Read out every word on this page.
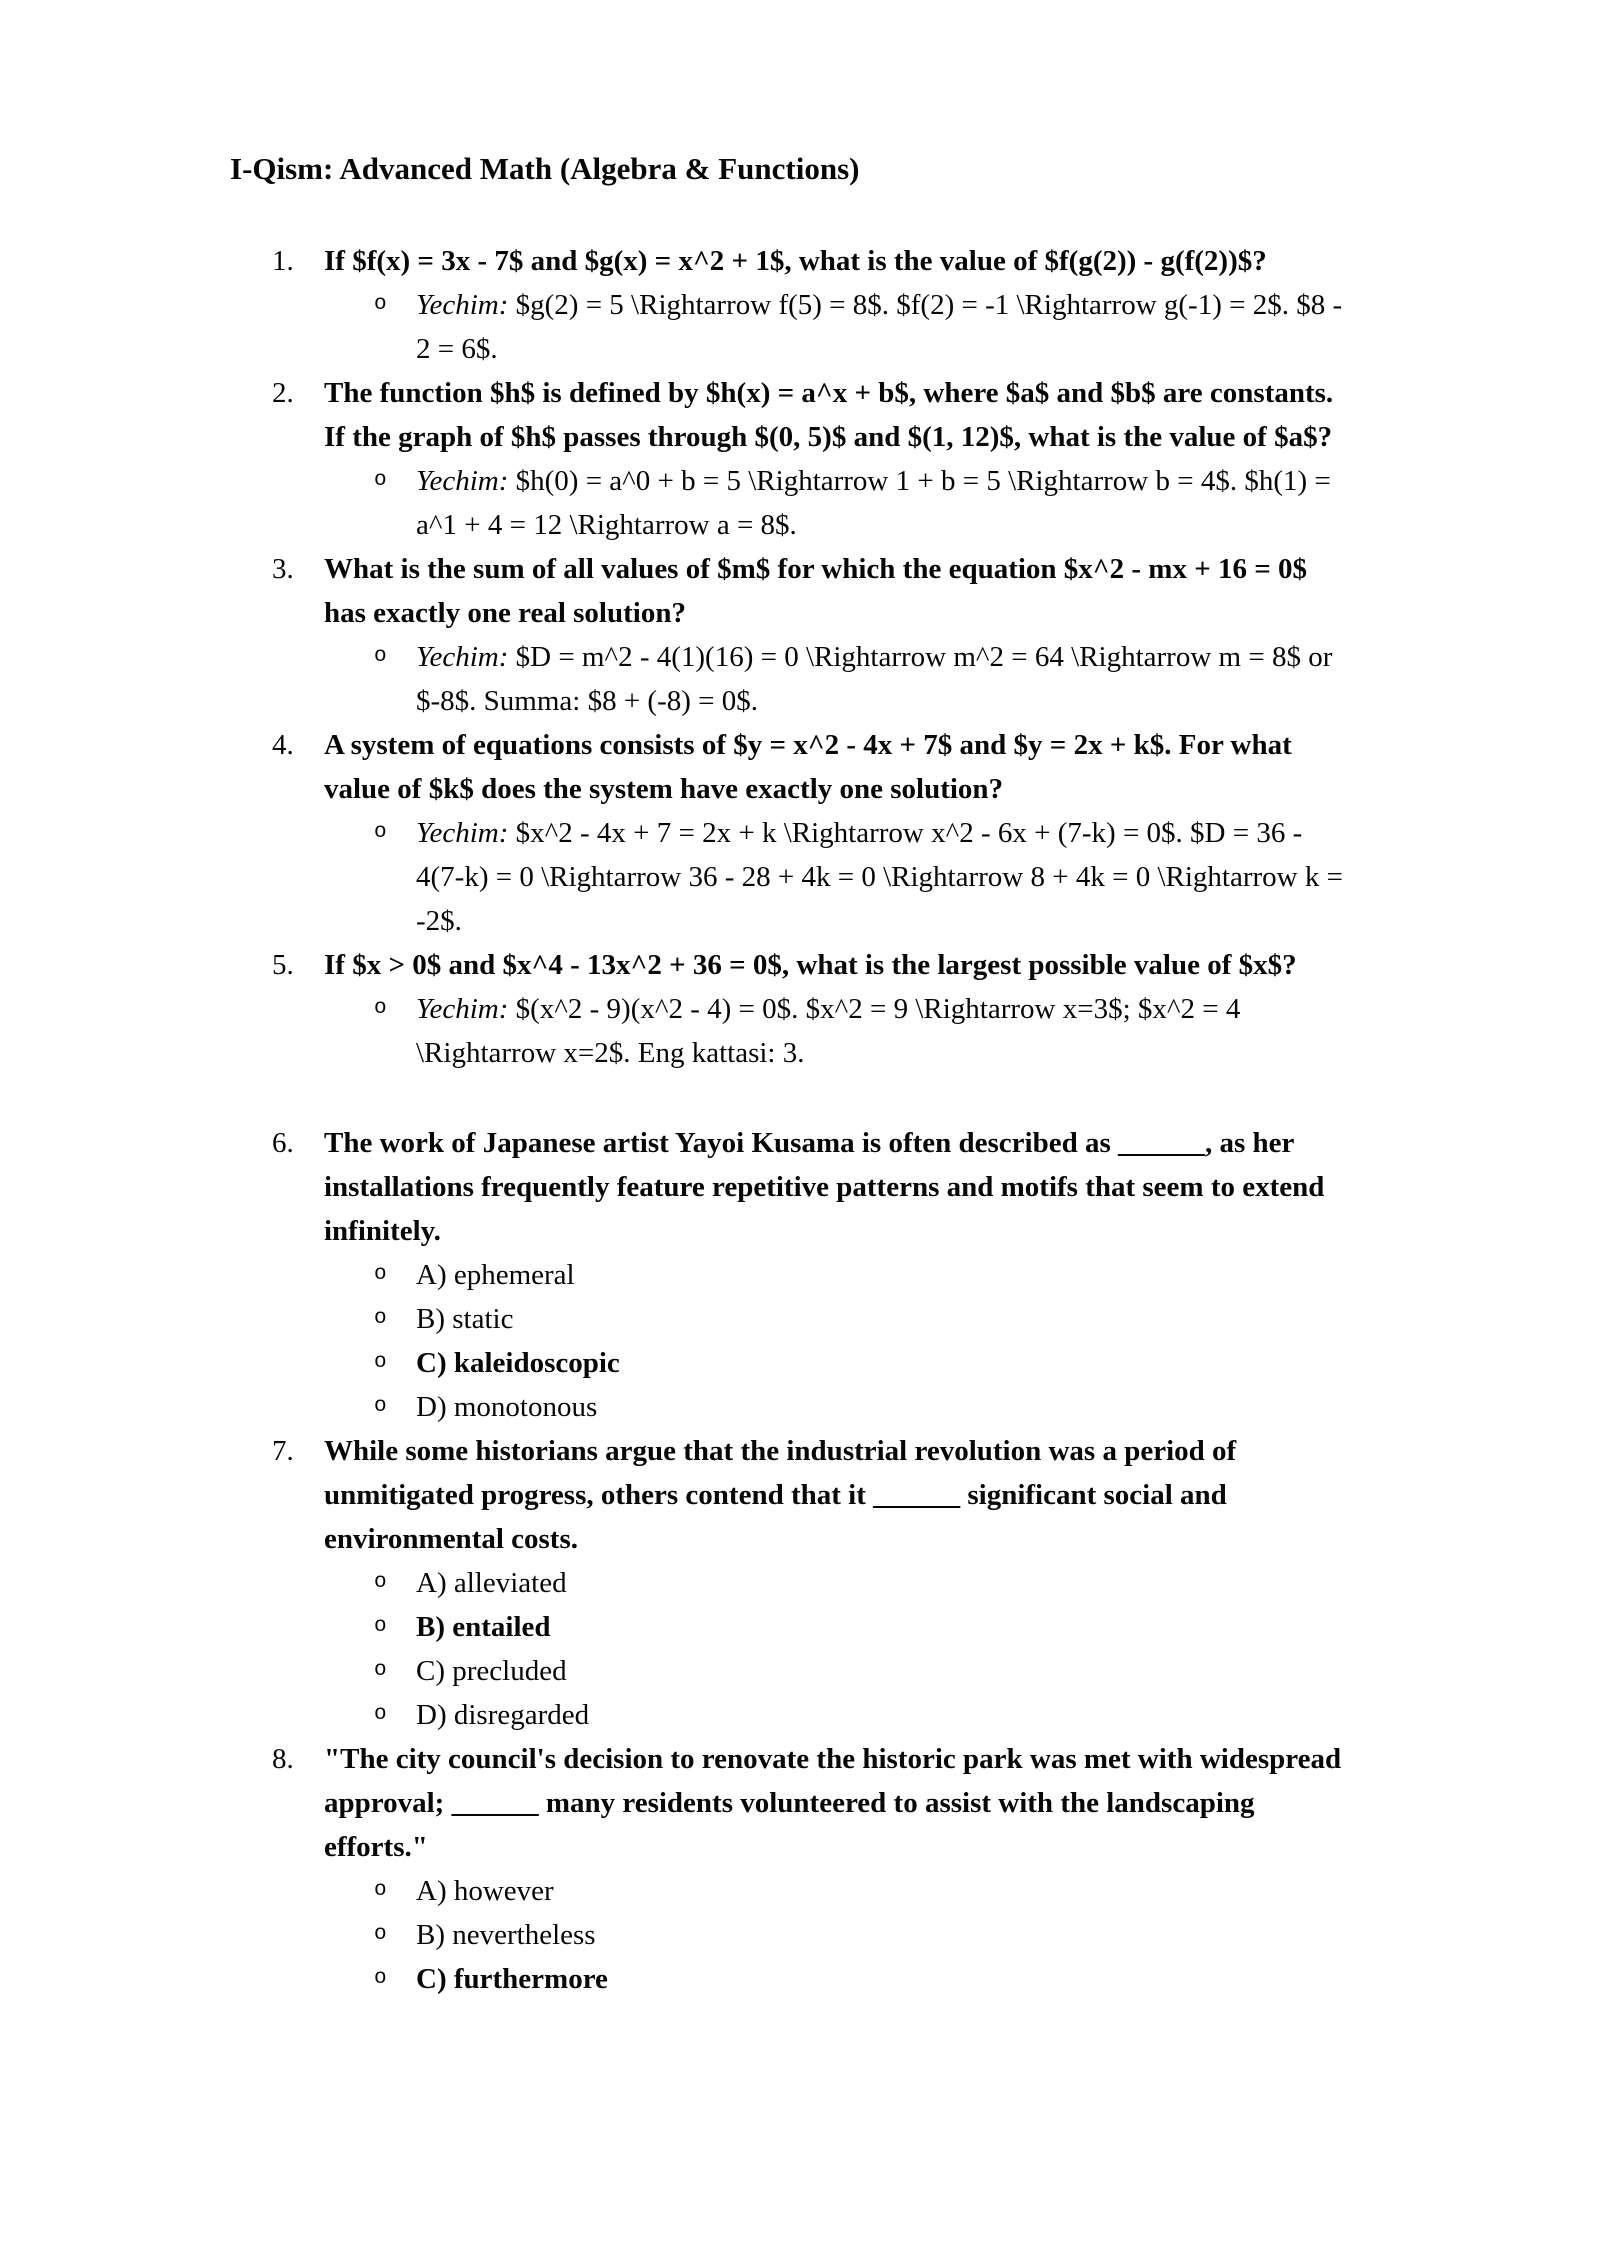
I-Qism: Advanced Math (Algebra & Functions)
1.	If $f(x) = 3x - 7$ and $g(x) = x^2 + 1$, what is the value of $f(g(2)) - g(f(2))$?
o	Yechim: $g(2) = 5 \Rightarrow f(5) = 8$. $f(2) = -1 \Rightarrow g(-1) = 2$. $8 - 2 = 6$.
2.	The function $h$ is defined by $h(x) = a^x + b$, where $a$ and $b$ are constants. If the graph of $h$ passes through $(0, 5)$ and $(1, 12)$, what is the value of $a$?
o	Yechim: $h(0) = a^0 + b = 5 \Rightarrow 1 + b = 5 \Rightarrow b = 4$. $h(1) = a^1 + 4 = 12 \Rightarrow a = 8$.
3.	What is the sum of all values of $m$ for which the equation $x^2 - mx + 16 = 0$ has exactly one real solution?
o	Yechim: $D = m^2 - 4(1)(16) = 0 \Rightarrow m^2 = 64 \Rightarrow m = 8$ or $-8$. Summa: $8 + (-8) = 0$.
4.	A system of equations consists of $y = x^2 - 4x + 7$ and $y = 2x + k$. For what value of $k$ does the system have exactly one solution?
o	Yechim: $x^2 - 4x + 7 = 2x + k \Rightarrow x^2 - 6x + (7-k) = 0$. $D = 36 - 4(7-k) = 0 \Rightarrow 36 - 28 + 4k = 0 \Rightarrow 8 + 4k = 0 \Rightarrow k = -2$.
5.	If $x > 0$ and $x^4 - 13x^2 + 36 = 0$, what is the largest possible value of $x$?
o	Yechim: $(x^2 - 9)(x^2 - 4) = 0$. $x^2 = 9 \Rightarrow x=3$; $x^2 = 4 \Rightarrow x=2$. Eng kattasi: 3.
6.	The work of Japanese artist Yayoi Kusama is often described as ______, as her installations frequently feature repetitive patterns and motifs that seem to extend infinitely.
o	A) ephemeral
o	B) static
o	C) kaleidoscopic
o	D) monotonous
7.	While some historians argue that the industrial revolution was a period of unmitigated progress, others contend that it ______ significant social and environmental costs.
o	A) alleviated
o	B) entailed
o	C) precluded
o	D) disregarded
8.	"The city council's decision to renovate the historic park was met with widespread approval; ______ many residents volunteered to assist with the landscaping efforts."
o	A) however
o	B) nevertheless
o	C) furthermore
